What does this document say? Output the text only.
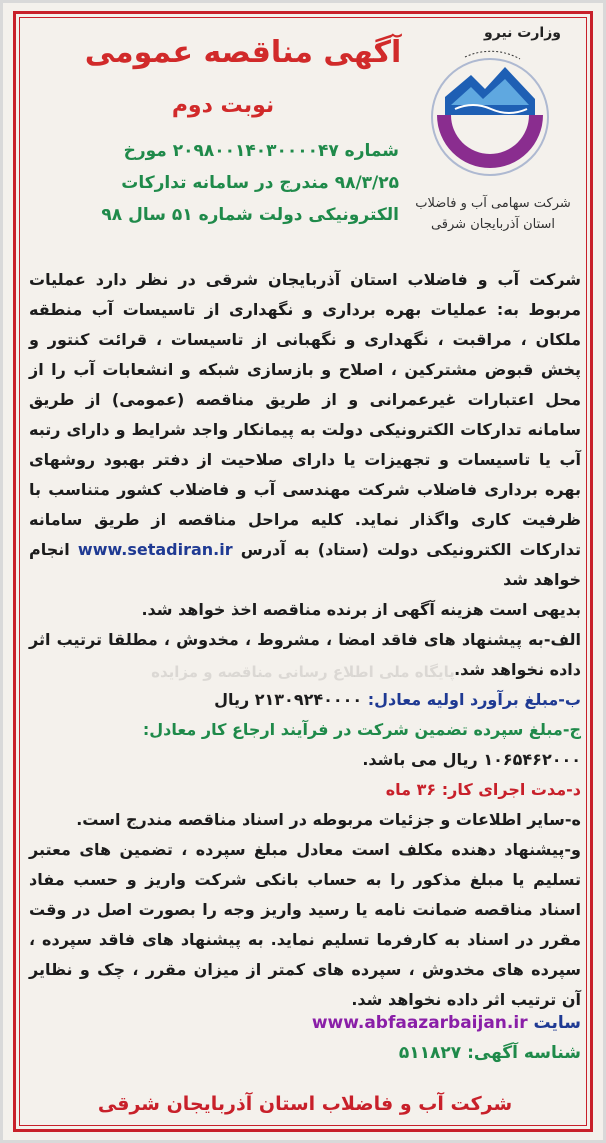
وزارت نیرو
شرکت سهامی آب و فاضلاب
استان آذربایجان شرقی
آگهی مناقصه عمومی
نوبت دوم
شماره ۲۰۹۸۰۰۱۴۰۳۰۰۰۰۴۷ مورخ
۹۸/۳/۲۵ مندرج در سامانه تدارکات
الکترونیکی دولت شماره ۵۱ سال ۹۸

شرکت آب و فاضلاب استان آذربایجان شرقی در نظر دارد عملیات مربوط به: عملیات بهره برداری و نگهداری از تاسیسات آب منطقه ملکان ، مراقبت ، نگهداری و نگهبانی از تاسیسات ، قرائت کنتور و پخش قبوض مشترکین ، اصلاح و بازسازی شبکه و انشعابات آب را از محل اعتبارات غیرعمرانی و از طریق مناقصه (عمومی) از طریق سامانه تدارکات الکترونیکی دولت به پیمانکار واجد شرایط و دارای رتبه آب یا تاسیسات و تجهیزات یا دارای صلاحیت از دفتر بهبود روشهای بهره برداری فاضلاب شرکت مهندسی آب و فاضلاب کشور متناسب با ظرفیت کاری واگذار نماید. کلیه مراحل مناقصه از طریق سامانه تدارکات الکترونیکی دولت (ستاد) به آدرس www.setadiran.ir انجام خواهد شد

بدیهی است هزینه آگهی از برنده مناقصه اخذ خواهد شد.

الف-به پیشنهاد های فاقد امضا ، مشروط ، مخدوش ، مطلقا ترتیب اثر داده نخواهد شد.

ب-مبلغ برآورد اولیه معادل: ۲۱۳۰۹۲۴۰۰۰۰ ریال

ج-مبلغ سپرده تضمین شرکت در فرآیند ارجاع کار معادل:

۱۰۶۵۴۶۲۰۰۰ ریال می باشد.

د-مدت اجرای کار: ۳۶ ماه

ه-سایر اطلاعات و جزئیات مربوطه در اسناد مناقصه مندرج است.

و-پیشنهاد دهنده مکلف است معادل مبلغ سپرده ، تضمین های معتبر تسلیم یا مبلغ مذکور را به حساب بانکی شرکت واریز و حسب مفاد اسناد مناقصه ضمانت نامه یا رسید واریز وجه را بصورت اصل در وقت مقرر در اسناد به کارفرما تسلیم نماید. به پیشنهاد های فاقد سپرده ، سپرده های مخدوش ، سپرده های کمتر از میزان مقرر ، چک و نظایر آن ترتیب اثر داده نخواهد شد.

پایگاه ملی اطلاع رسانی مناقصه و مزایده
سایت www.abfaazarbaijan.ir
شناسه آگهی: ۵۱۱۸۲۷
شرکت آب و فاضلاب استان آذربایجان شرقی
